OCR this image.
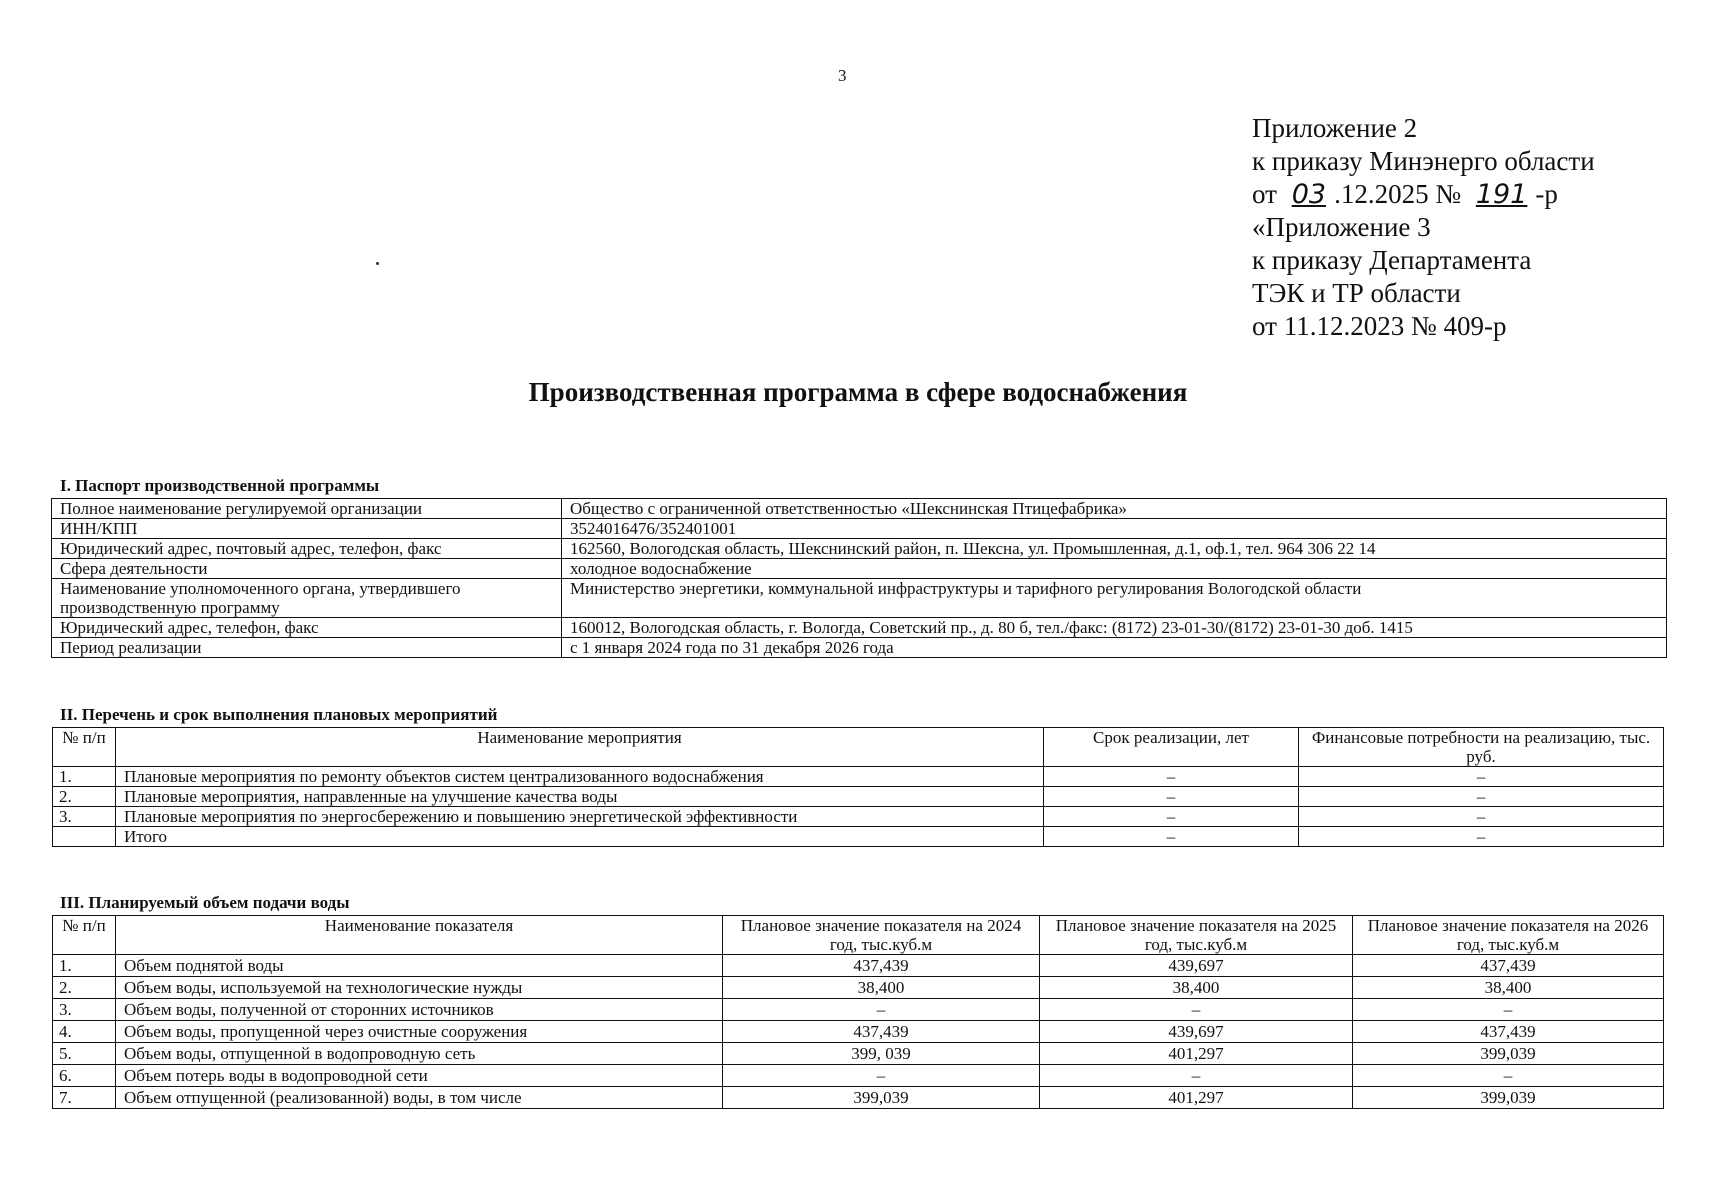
3
Приложение 2
к приказу Минэнерго области
от 03 .12.2025 № 191 -р
«Приложение 3
к приказу Департамента
ТЭК и ТР области
от 11.12.2023 № 409-р
Производственная программа в сфере водоснабжения
I. Паспорт производственной программы
Полное наименование регулируемой организации	Общество с ограниченной ответственностью «Шекснинская Птицефабрика»
ИНН/КПП	3524016476/352401001
Юридический адрес, почтовый адрес, телефон, факс	162560, Вологодская область, Шекснинский район, п. Шексна, ул. Промышленная, д.1, оф.1, тел. 964 306 22 14
Сфера деятельности	холодное водоснабжение
Наименование уполномоченного органа, утвердившего производственную программу	Министерство энергетики, коммунальной инфраструктуры и тарифного регулирования Вологодской области
Юридический адрес, телефон, факс	160012, Вологодская область, г. Вологда, Советский пр., д. 80 б, тел./факс: (8172) 23-01-30/(8172) 23-01-30 доб. 1415
Период реализации	с 1 января 2024 года по 31 декабря 2026 года
II. Перечень и срок выполнения плановых мероприятий
№ п/п	Наименование мероприятия	Срок реализации, лет	Финансовые потребности на реализацию, тыс. руб.
1.	Плановые мероприятия по ремонту объектов систем централизованного водоснабжения	–	–
2.	Плановые мероприятия, направленные на улучшение качества воды	–	–
3.	Плановые мероприятия по энергосбережению и повышению энергетической эффективности	–	–
	Итого	–	–
III. Планируемый объем подачи воды
№ п/п	Наименование показателя	Плановое значение показателя на 2024 год, тыс.куб.м	Плановое значение показателя на 2025 год, тыс.куб.м	Плановое значение показателя на 2026 год, тыс.куб.м
1.	Объем поднятой воды	437,439	439,697	437,439
2.	Объем воды, используемой на технологические нужды	38,400	38,400	38,400
3.	Объем воды, полученной от сторонних источников	–	–	–
4.	Объем воды, пропущенной через очистные сооружения	437,439	439,697	437,439
5.	Объем воды, отпущенной в водопроводную сеть	399, 039	401,297	399,039
6.	Объем потерь воды в водопроводной сети	–	–	–
7.	Объем отпущенной (реализованной) воды, в том числе	399,039	401,297	399,039
